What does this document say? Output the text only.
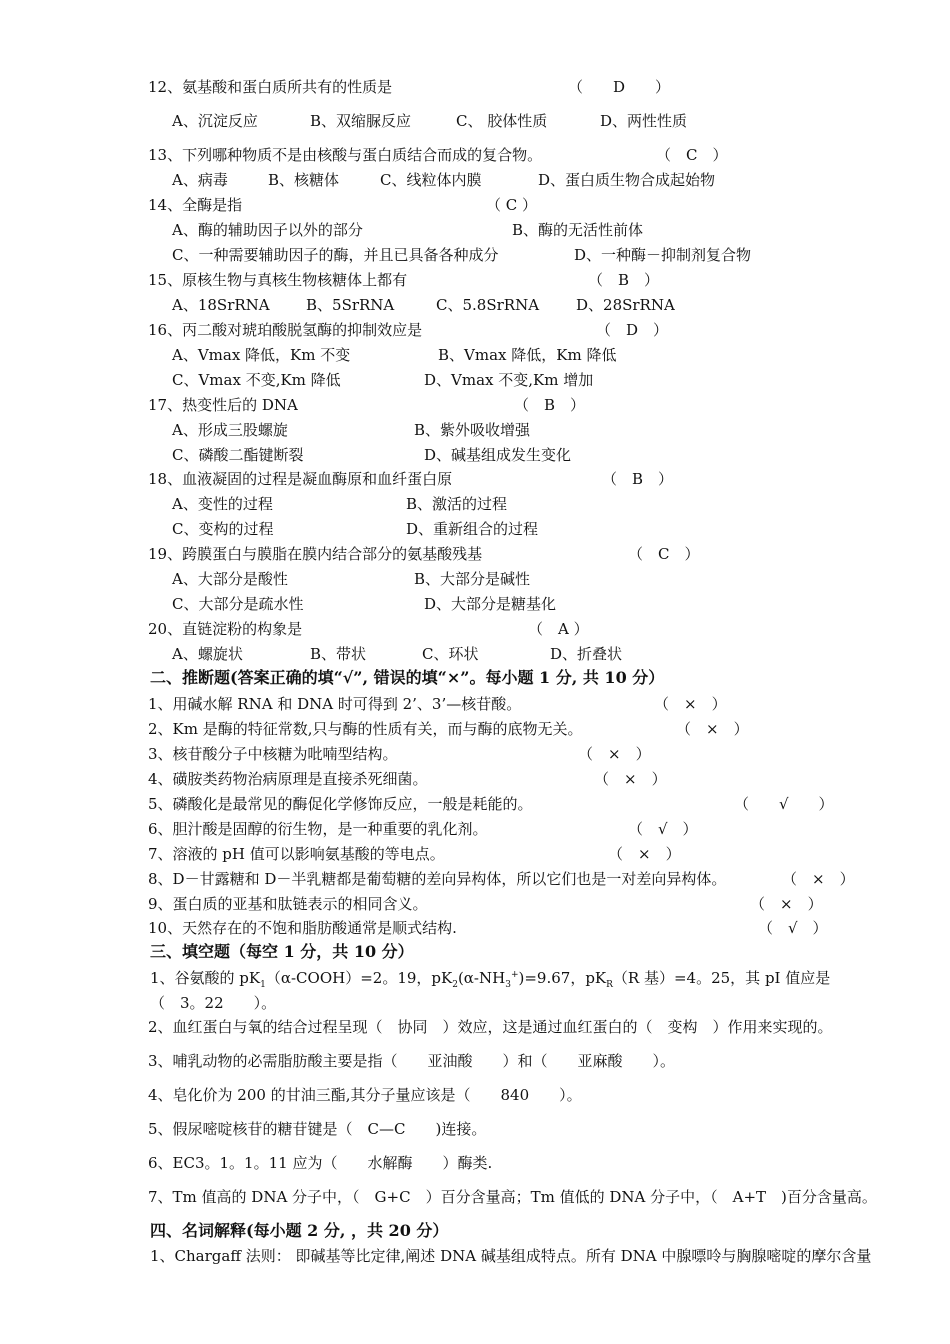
12、氨基酸和蛋白质所共有的性质是	（　　D　　）
A、沉淀反应	B、双缩脲反应	C、 胶体性质	D、两性性质
13、下列哪种物质不是由核酸与蛋白质结合而成的复合物。	（　C　）
A、病毒	B、核糖体	C、线粒体内膜	D、蛋白质生物合成起始物
14、全酶是指	（ C ）
A、酶的辅助因子以外的部分	B、酶的无活性前体
C、一种需要辅助因子的酶，并且已具备各种成分	D、一种酶－抑制剂复合物
15、原核生物与真核生物核糖体上都有	（　B　）
A、18SrRNA B、5SrRNA	C、5.8SrRNA D、28SrRNA
16、丙二酸对琥珀酸脱氢酶的抑制效应是	（　D　）
A、Vmax 降低，Km 不变	B、Vmax 降低，Km 降低
C、Vmax 不变,Km 降低	D、Vmax 不变,Km 增加
17、热变性后的 DNA	（　B　）
A、形成三股螺旋	B、紫外吸收增强
C、磷酸二酯键断裂	D、碱基组成发生变化
18、血液凝固的过程是凝血酶原和血纤蛋白原	（　B　）
A、变性的过程	B、激活的过程
C、变构的过程	D、重新组合的过程
19、跨膜蛋白与膜脂在膜内结合部分的氨基酸残基	（　C　）
A、大部分是酸性	B、大部分是碱性
C、大部分是疏水性	D、大部分是糖基化
20、直链淀粉的构象是	（　A ）
A、螺旋状	B、带状	C、环状	D、折叠状
二、推断题(答案正确的填“√”, 错误的填“×”。每小题 1 分, 共 10 分）
1、用碱水解 RNA 和 DNA 时可得到 2’、3’—核苷酸。	（　×　）
2、Km 是酶的特征常数,只与酶的性质有关，而与酶的底物无关。	（　×　）
3、核苷酸分子中核糖为吡喃型结构。	（　×　）
4、磺胺类药物治病原理是直接杀死细菌。	（　×　）
5、磷酸化是最常见的酶促化学修饰反应，一般是耗能的。	（　　√　　）
6、胆汁酸是固醇的衍生物，是一种重要的乳化剂。	（　√　）
7、溶液的 pH 值可以影响氨基酸的等电点。	（　×　）
8、D－甘露糖和 D－半乳糖都是葡萄糖的差向异构体，所以它们也是一对差向异构体。	（　×　）
9、蛋白质的亚基和肽链表示的相同含义。	（　×　）
10、天然存在的不饱和脂肪酸通常是顺式结构.	（　√　）
三、填空题（每空 1 分，共 10 分）
1、谷氨酸的 $pK_1(\alpha-COOH)=2$。19，$pK_2(\alpha-NH_3^+)=9.67$，$pK_R(R$ 基）=4。25，其 pI 值应是
（　3。22　　）。
2、血红蛋白与氧的结合过程呈现（　协同　）效应，这是通过血红蛋白的（　变构　）作用来实现的。
3、哺乳动物的必需脂肪酸主要是指（　　亚油酸　　）和（　　亚麻酸　　）。
4、皂化价为 200 的甘油三酯,其分子量应该是（　　840　　）。
5、假尿嘧啶核苷的糖苷键是（　C—C　　)连接。
6、EC3。1。1。11 应为（　　水解酶　　）酶类.
7、Tm 值高的 DNA 分子中，（　G+C　）百分含量高；Tm 值低的 DNA 分子中，（　A+T　)百分含量高。
四、名词解释(每小题 2 分, ，共 20 分）
1、Chargaff 法则： 即碱基等比定律,阐述 DNA 碱基组成特点。所有 DNA 中腺嘌呤与胸腺嘧啶的摩尔含量
